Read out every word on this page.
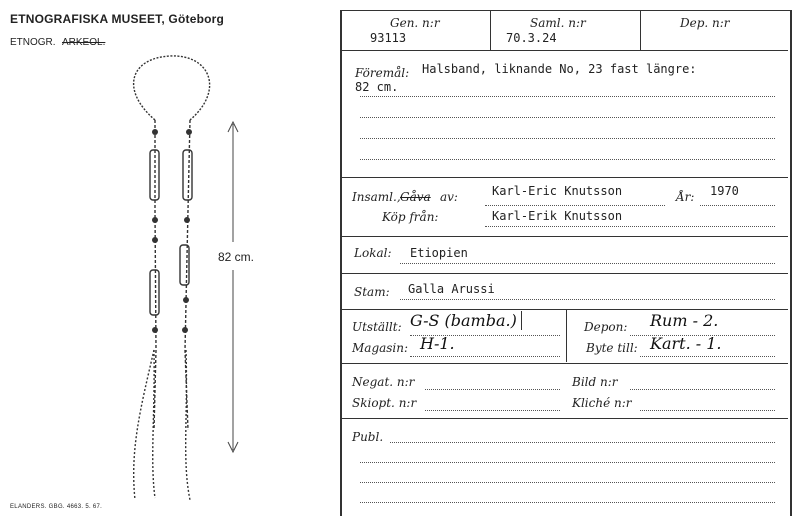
ETNOGRAFISKA MUSEET, Göteborg
ETNOGR. ARKEOL.
82 cm.
ELANDERS. GBG. 4663. 5. 67.
Gen. n:r
93113
Saml. n:r
70.3.24
Dep. n:r
Föremål: Halsband, liknande No, 23 fast längre:
82 cm.
Insaml., Gåva av:	Karl-Eric Knutsson	År: 1970
Köp från:	Karl-Erik Knutsson
Lokal: Etiopien
Stam: Galla Arussi
Utställt: G-S (bamba.)	Depon: Rum - 2.
Magasin: H-1.	Byte till: Kart. - 1.
Negat. n:r	Bild n:r
Skiopt. n:r	Kliché n:r
Publ.
